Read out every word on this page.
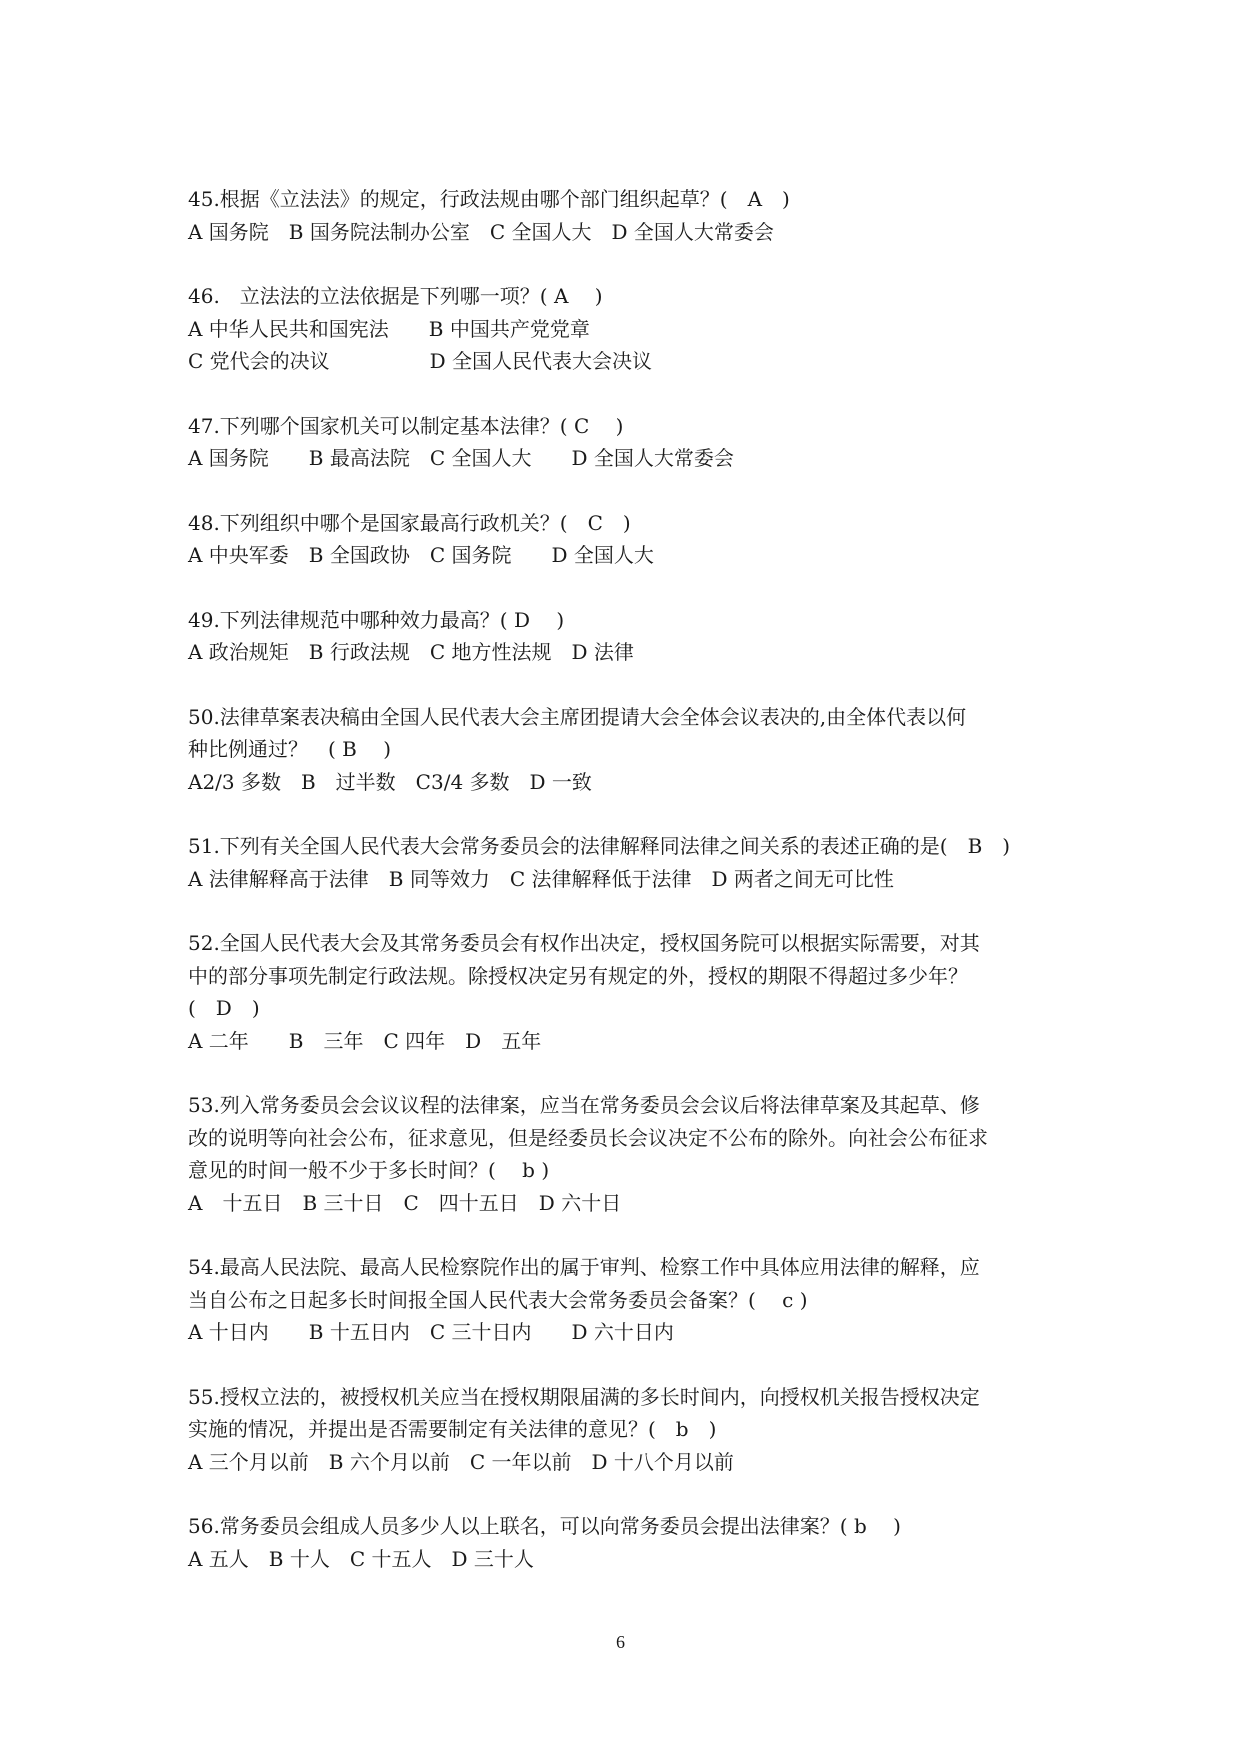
45.根据《立法法》的规定，行政法规由哪个部门组织起草？(　A　)

A 国务院　B 国务院法制办公室　C 全国人大　D 全国人大常委会

46.　立法法的立法依据是下列哪一项？( A　 )

A 中华人民共和国宪法　　B 中国共产党党章

C 党代会的决议　　　　　D 全国人民代表大会决议

47.下列哪个国家机关可以制定基本法律？( C　 )

A 国务院　　B 最高法院　C 全国人大　　D 全国人大常委会

48.下列组织中哪个是国家最高行政机关？(　C　)

A 中央军委　B 全国政协　C 国务院　　D 全国人大

49.下列法律规范中哪种效力最高？( D　 )

A 政治规矩　B 行政法规　C 地方性法规　D 法律

50.法律草案表决稿由全国人民代表大会主席团提请大会全体会议表决的,由全体代表以何

种比例通过？　( B　 )

A2/3 多数　B　过半数　C3/4 多数　D 一致

51.下列有关全国人民代表大会常务委员会的法律解释同法律之间关系的表述正确的是(　B　)

A 法律解释高于法律　B 同等效力　C 法律解释低于法律　D 两者之间无可比性

52.全国人民代表大会及其常务委员会有权作出决定，授权国务院可以根据实际需要，对其

中的部分事项先制定行政法规。除授权决定另有规定的外，授权的期限不得超过多少年？

(　D　)

A 二年　　B　三年　C 四年　D　五年

53.列入常务委员会会议议程的法律案，应当在常务委员会会议后将法律草案及其起草、修

改的说明等向社会公布，征求意见，但是经委员长会议决定不公布的除外。向社会公布征求

意见的时间一般不少于多长时间？(　 b )

A　十五日　B 三十日　C　四十五日　D 六十日

54.最高人民法院、最高人民检察院作出的属于审判、检察工作中具体应用法律的解释，应

当自公布之日起多长时间报全国人民代表大会常务委员会备案？(　 c )

A 十日内　　B 十五日内　C 三十日内　　D 六十日内

55.授权立法的，被授权机关应当在授权期限届满的多长时间内，向授权机关报告授权决定

实施的情况，并提出是否需要制定有关法律的意见？(　b　)

A 三个月以前　B 六个月以前　C 一年以前　D 十八个月以前

56.常务委员会组成人员多少人以上联名，可以向常务委员会提出法律案？( b　 )

A 五人　B 十人　C 十五人　D 三十人

6
